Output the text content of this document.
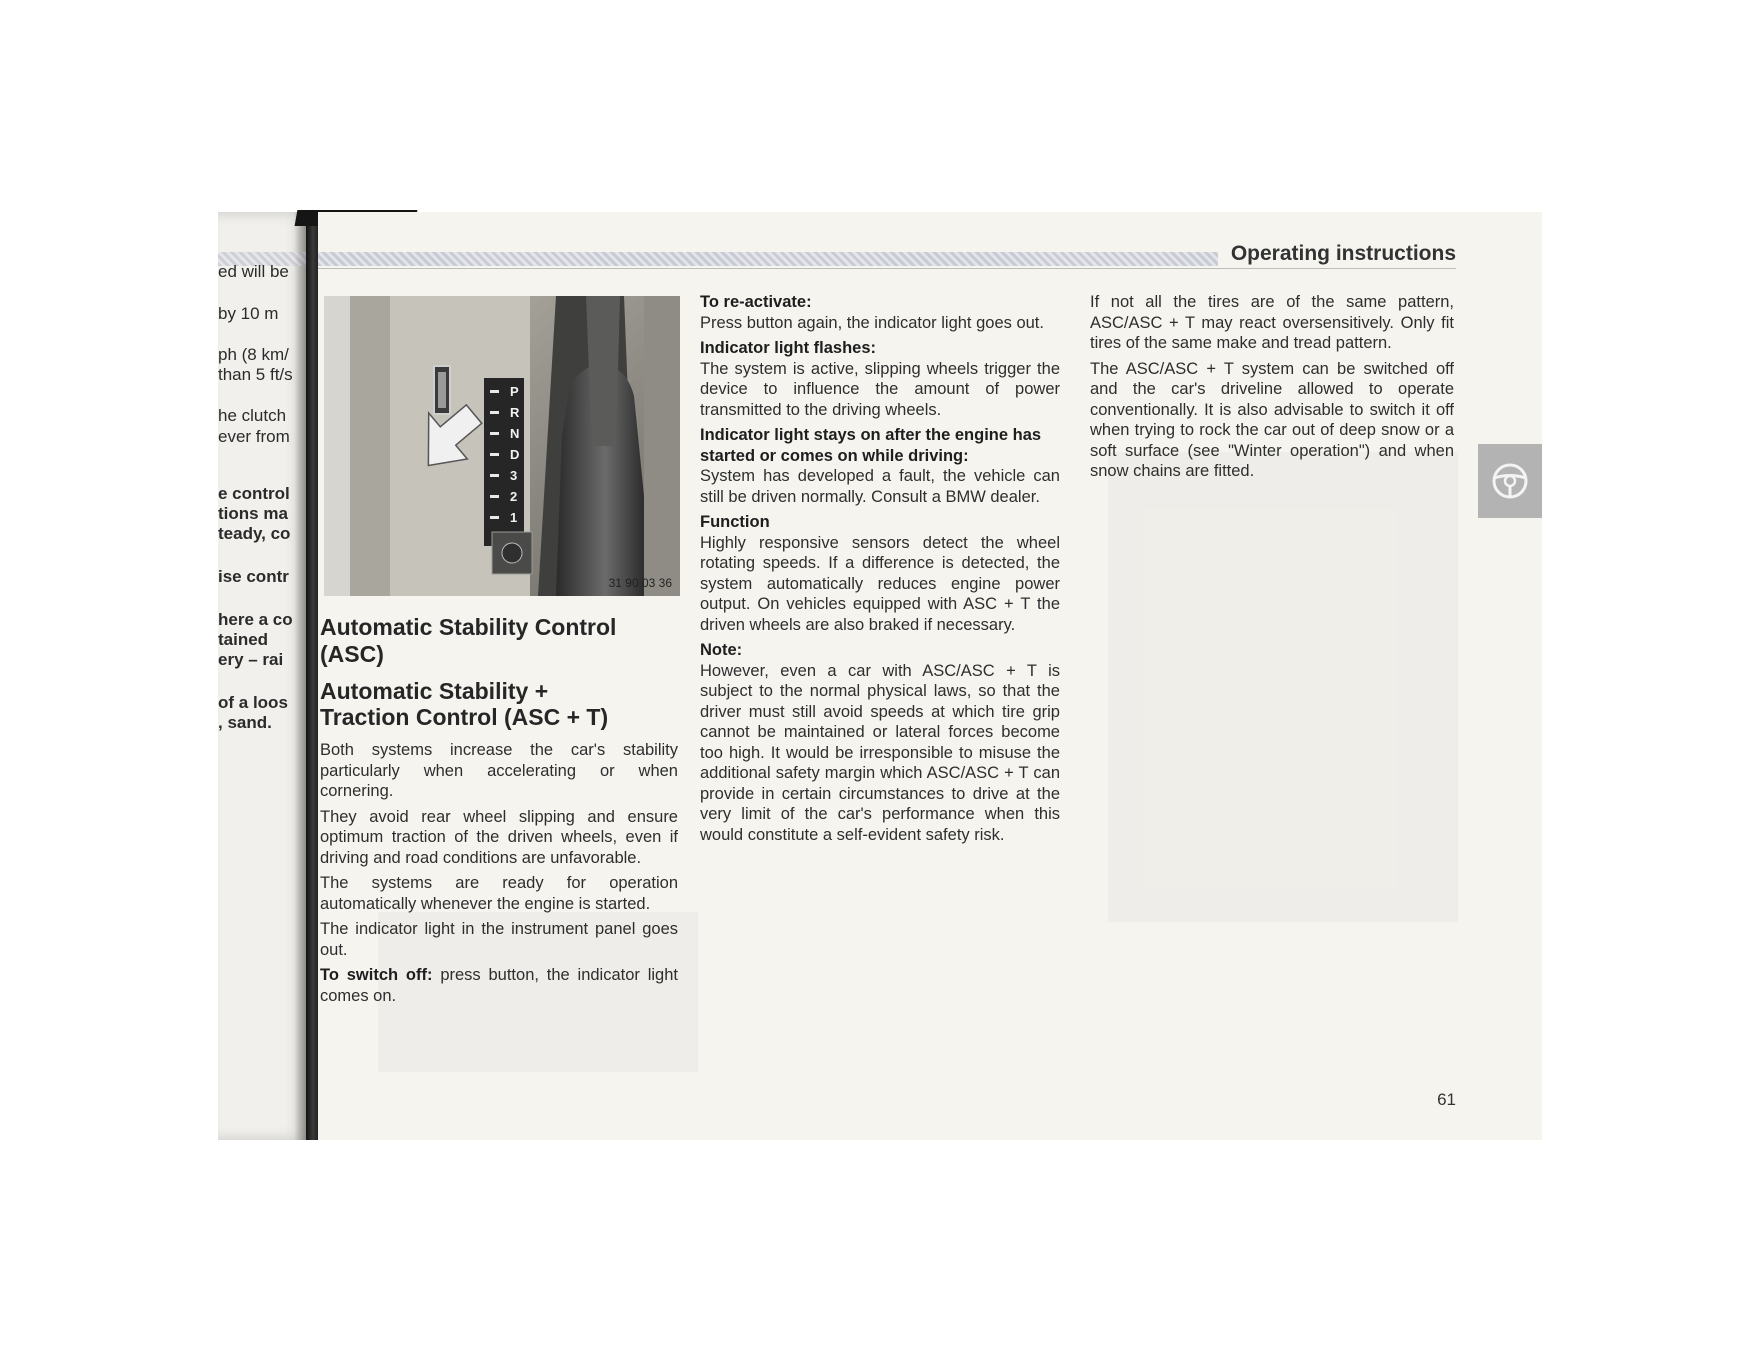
ed will be
by 10 m
ph (8 km/
than 5 ft/s
he clutch
ever from
e control
tions ma
teady, co
ise contr
here a co
tained
ery – rai
of a loos
, sand.
Operating instructions
P
R
N
D
3
2
1
31 90 03 36
Automatic Stability Control (ASC)
Automatic Stability +
Traction Control (ASC + T)

Both systems increase the car's stability particularly when accelerating or when cornering.

They avoid rear wheel slipping and ensure optimum traction of the driven wheels, even if driving and road conditions are unfavorable.

The systems are ready for operation automatically whenever the engine is started.

The indicator light in the instrument panel goes out.

To switch off: press button, the indicator light comes on.

To re-activate:

Press button again, the indicator light goes out.

Indicator light flashes:

The system is active, slipping wheels trigger the device to influence the amount of power transmitted to the driving wheels.

Indicator light stays on after the engine has started or comes on while driving:

System has developed a fault, the vehicle can still be driven normally. Consult a BMW dealer.

Function

Highly responsive sensors detect the wheel rotating speeds. If a difference is detected, the system automatically reduces engine power output. On vehicles equipped with ASC + T the driven wheels are also braked if necessary.

Note:

However, even a car with ASC/ASC + T is subject to the normal physical laws, so that the driver must still avoid speeds at which tire grip cannot be maintained or lateral forces become too high. It would be irresponsible to misuse the additional safety margin which ASC/ASC + T can provide in certain circumstances to drive at the very limit of the car's performance when this would constitute a self-evident safety risk.

If not all the tires are of the same pattern, ASC/ASC + T may react oversensitively. Only fit tires of the same make and tread pattern.

The ASC/ASC + T system can be switched off and the car's driveline allowed to operate conventionally. It is also advisable to switch it off when trying to rock the car out of deep snow or a soft surface (see "Winter operation") and when snow chains are fitted.

61
